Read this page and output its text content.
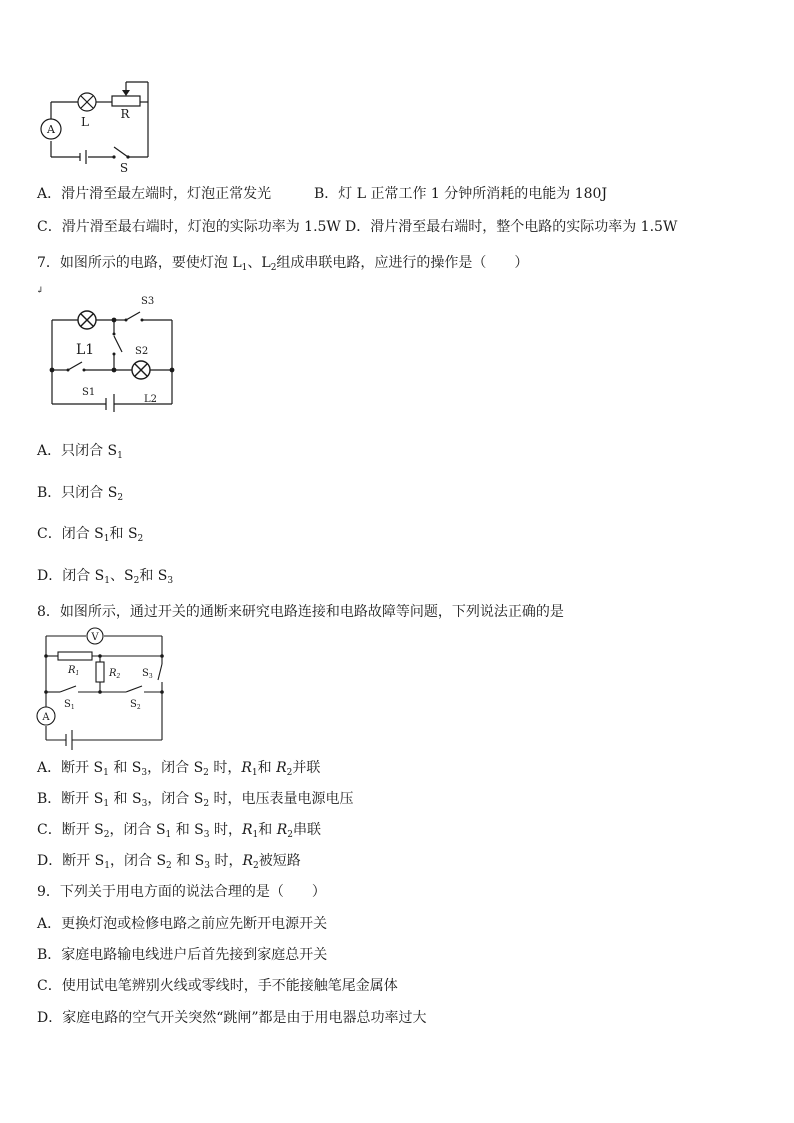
A
L
R
S
A．滑片滑至最左端时，灯泡正常发光	B．灯 L 正常工作 1 分钟所消耗的电能为 180J
C．滑片滑至最右端时，灯泡的实际功率为 1.5W D．滑片滑至最右端时，整个电路的实际功率为 1.5W
7．如图所示的电路，要使灯泡 $L_1$、$L_2$组成串联电路，应进行的操作是（　　）
↲
L1
S3
S2
S1
L2
A．只闭合 $S_1$
B．只闭合 $S_2$
C．闭合 $S_1$和 $S_2$
D．闭合 $S_1$、$S_2$和 $S_3$
8．如图所示，通过开关的通断来研究电路连接和电路故障等问题，下列说法正确的是
V
A
$R_1$	$R_2$ $S_3$
$S_1$	$S_2$
A．断开 $S_1$ 和 $S_3$，闭合 $S_2$ 时，$R_1$和 $R_2$并联
B．断开 $S_1$ 和 $S_3$，闭合 $S_2$ 时，电压表量电源电压
C．断开 $S_2$，闭合 $S_1$ 和 $S_3$ 时，$R_1$和 $R_2$串联
D．断开 $S_1$，闭合 $S_2$ 和 $S_3$ 时，$R_2$被短路
9．下列关于用电方面的说法合理的是（　　）
A．更换灯泡或检修电路之前应先断开电源开关
B．家庭电路输电线进户后首先接到家庭总开关
C．使用试电笔辨别火线或零线时，手不能接触笔尾金属体
D．家庭电路的空气开关突然“跳闸”都是由于用电器总功率过大
